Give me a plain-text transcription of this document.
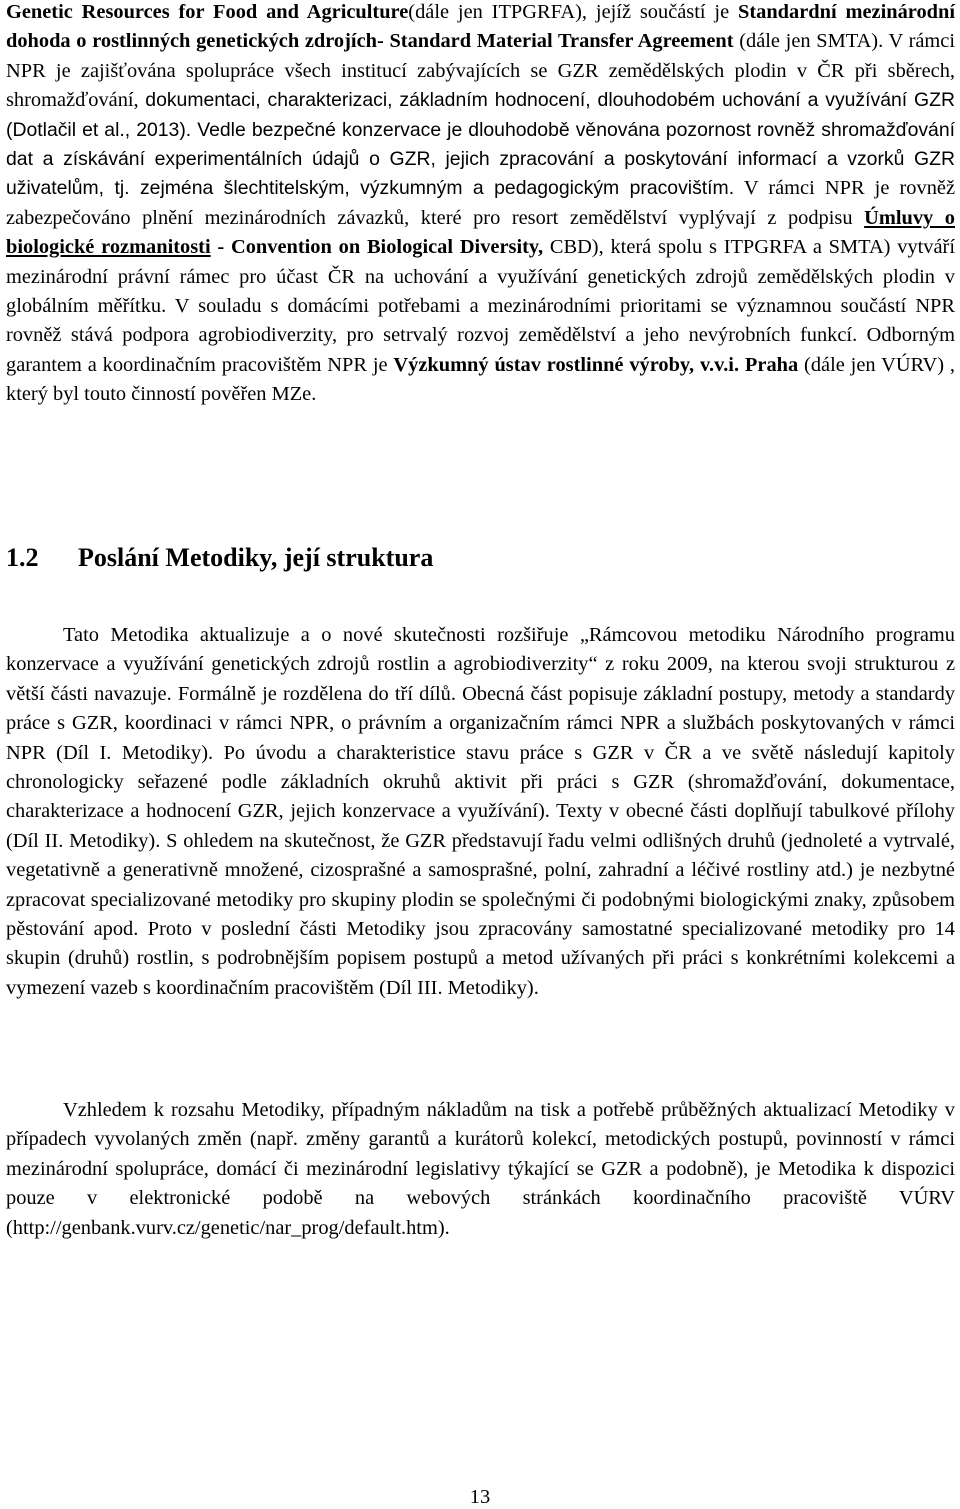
Genetic Resources for Food and Agriculture(dále jen ITPGRFA), jejíž součástí je Standardní mezinárodní dohoda o rostlinných genetických zdrojích- Standard Material Transfer Agreement (dále jen SMTA). V rámci NPR je zajišťována spolupráce všech institucí zabývajících se GZR zemědělských plodin v ČR při sběrech, shromažďování, dokumentaci, charakterizaci, základním hodnocení, dlouhodobém uchování a využívání GZR (Dotlačil et al., 2013). Vedle bezpečné konzervace je dlouhodobě věnována pozornost rovněž shromažďování dat a získávání experimentálních údajů o GZR, jejich zpracování a poskytování informací a vzorků GZR uživatelům, tj. zejména šlechtitelským, výzkumným a pedagogickým pracovištím. V rámci NPR je rovněž zabezpečováno plnění mezinárodních závazků, které pro resort zemědělství vyplývají z podpisu Úmluvy o biologické rozmanitosti - Convention on Biological Diversity, CBD), která spolu s ITPGRFA a SMTA) vytváří mezinárodní právní rámec pro účast ČR na uchování a využívání genetických zdrojů zemědělských plodin v globálním měřítku. V souladu s domácími potřebami a mezinárodními prioritami se významnou součástí NPR rovněž stává podpora agrobiodiverzity, pro setrvalý rozvoj zemědělství a jeho nevýrobních funkcí. Odborným garantem a koordinačním pracovištěm NPR je Výzkumný ústav rostlinné výroby, v.v.i. Praha (dále jen VÚRV) , který byl touto činností pověřen MZe.

1.2 Poslání Metodiky, její struktura

Tato Metodika aktualizuje a o nové skutečnosti rozšiřuje „Rámcovou metodiku Národního programu konzervace a využívání genetických zdrojů rostlin a agrobiodiverzity“ z roku 2009, na kterou svoji strukturou z větší části navazuje. Formálně je rozdělena do tří dílů. Obecná část popisuje základní postupy, metody a standardy práce s GZR, koordinaci v rámci NPR, o právním a organizačním rámci NPR a službách poskytovaných v rámci NPR (Díl I. Metodiky). Po úvodu a charakteristice stavu práce s GZR v ČR a ve světě následují kapitoly chronologicky seřazené podle základních okruhů aktivit při práci s GZR (shromažďování, dokumentace, charakterizace a hodnocení GZR, jejich konzervace a využívání). Texty v obecné části doplňují tabulkové přílohy (Díl II. Metodiky). S ohledem na skutečnost, že GZR představují řadu velmi odlišných druhů (jednoleté a vytrvalé, vegetativně a generativně množené, cizosprašné a samosprašné, polní, zahradní a léčivé rostliny atd.) je nezbytné zpracovat specializované metodiky pro skupiny plodin se společnými či podobnými biologickými znaky, způsobem pěstování apod. Proto v poslední části Metodiky jsou zpracovány samostatné specializované metodiky pro 14 skupin (druhů) rostlin, s podrobnějším popisem postupů a metod užívaných při práci s konkrétními kolekcemi a vymezení vazeb s koordinačním pracovištěm (Díl III. Metodiky).

Vzhledem k rozsahu Metodiky, případným nákladům na tisk a potřebě průběžných aktualizací Metodiky v případech vyvolaných změn (např. změny garantů a kurátorů kolekcí, metodických postupů, povinností v rámci mezinárodní spolupráce, domácí či mezinárodní legislativy týkající se GZR a podobně), je Metodika k dispozici pouze v elektronické podobě na webových stránkách koordinačního pracoviště VÚRV (http://genbank.vurv.cz/genetic/nar_prog/default.htm).

13
